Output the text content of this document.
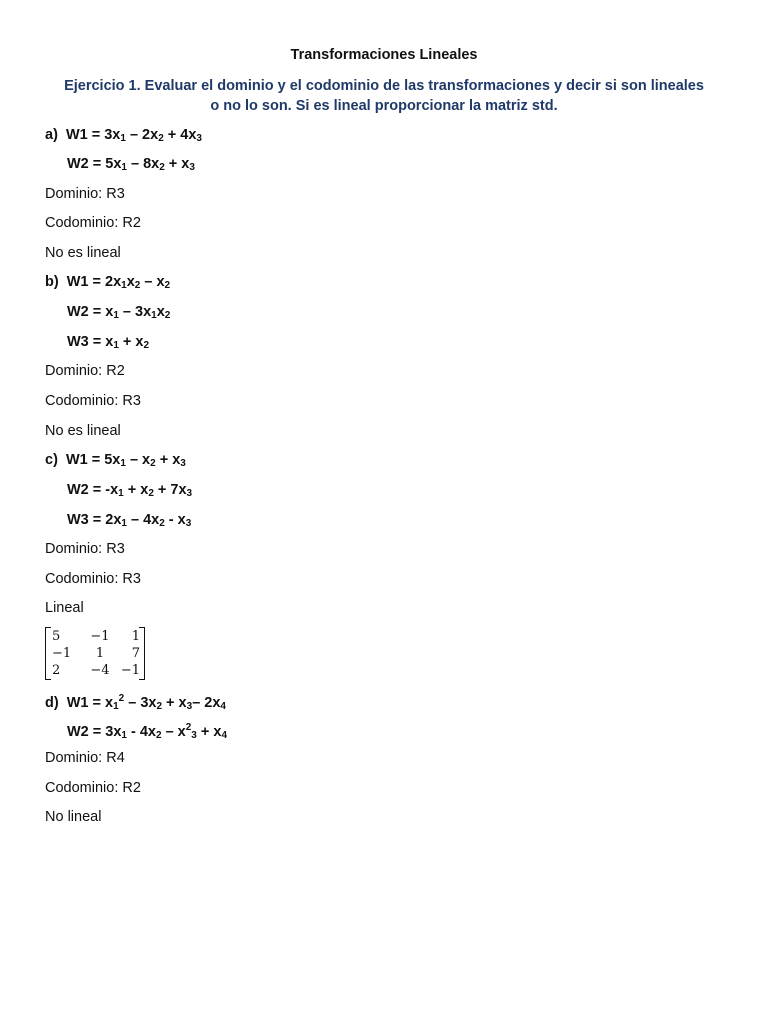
Transformaciones Lineales

Ejercicio 1. Evaluar el dominio y el codominio de las transformaciones y decir si son lineales
o no lo son. Si es lineal proporcionar la matriz std.
a) $W1 = 3x_1 - 2x_2 + 4x_3$
$W2 = 5x_1 - 8x_2 + x_3$
Dominio: R3
Codominio: R2
No es lineal
b) $W1 = 2x_1x_2 - x_2$
$W2 = x_1 - 3x_1x_2$
$W3 = x_1 + x_2$
Dominio: R2
Codominio: R3
No es lineal
c) $W1 = 5x_1 - x_2 + x_3$
$W2 = -x_1 + x_2 + 7x_3$
$W3 = 2x_1 - 4x_2 - x_3$
Dominio: R3
Codominio: R3
Lineal
5	−1	1
−1	1	7
2	−4 −1
d) $W1 = x_1^2 - 3x_2 + x_3-$ $2x_4$
$W2 = 3x_1 - 4x_2 - x^2_3 + x_4$
Dominio: R4
Codominio: R2
No lineal
